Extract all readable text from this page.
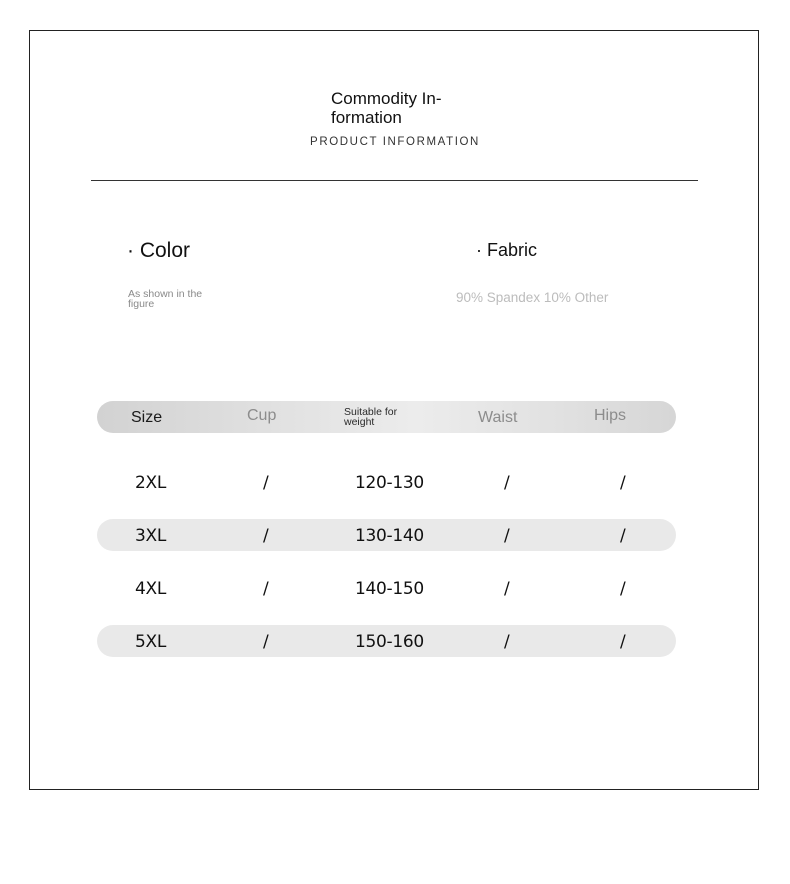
Commodity In-
formation
PRODUCT INFORMATION
· Color
As shown in the figure
· Fabric
90% Spandex 10% Other
Size	Cup	Suitable for weight	Waist	Hips
2XL	/	120-130	/	/
3XL	/	130-140	/	/
4XL	/	140-150	/	/
5XL	/	150-160	/	/
